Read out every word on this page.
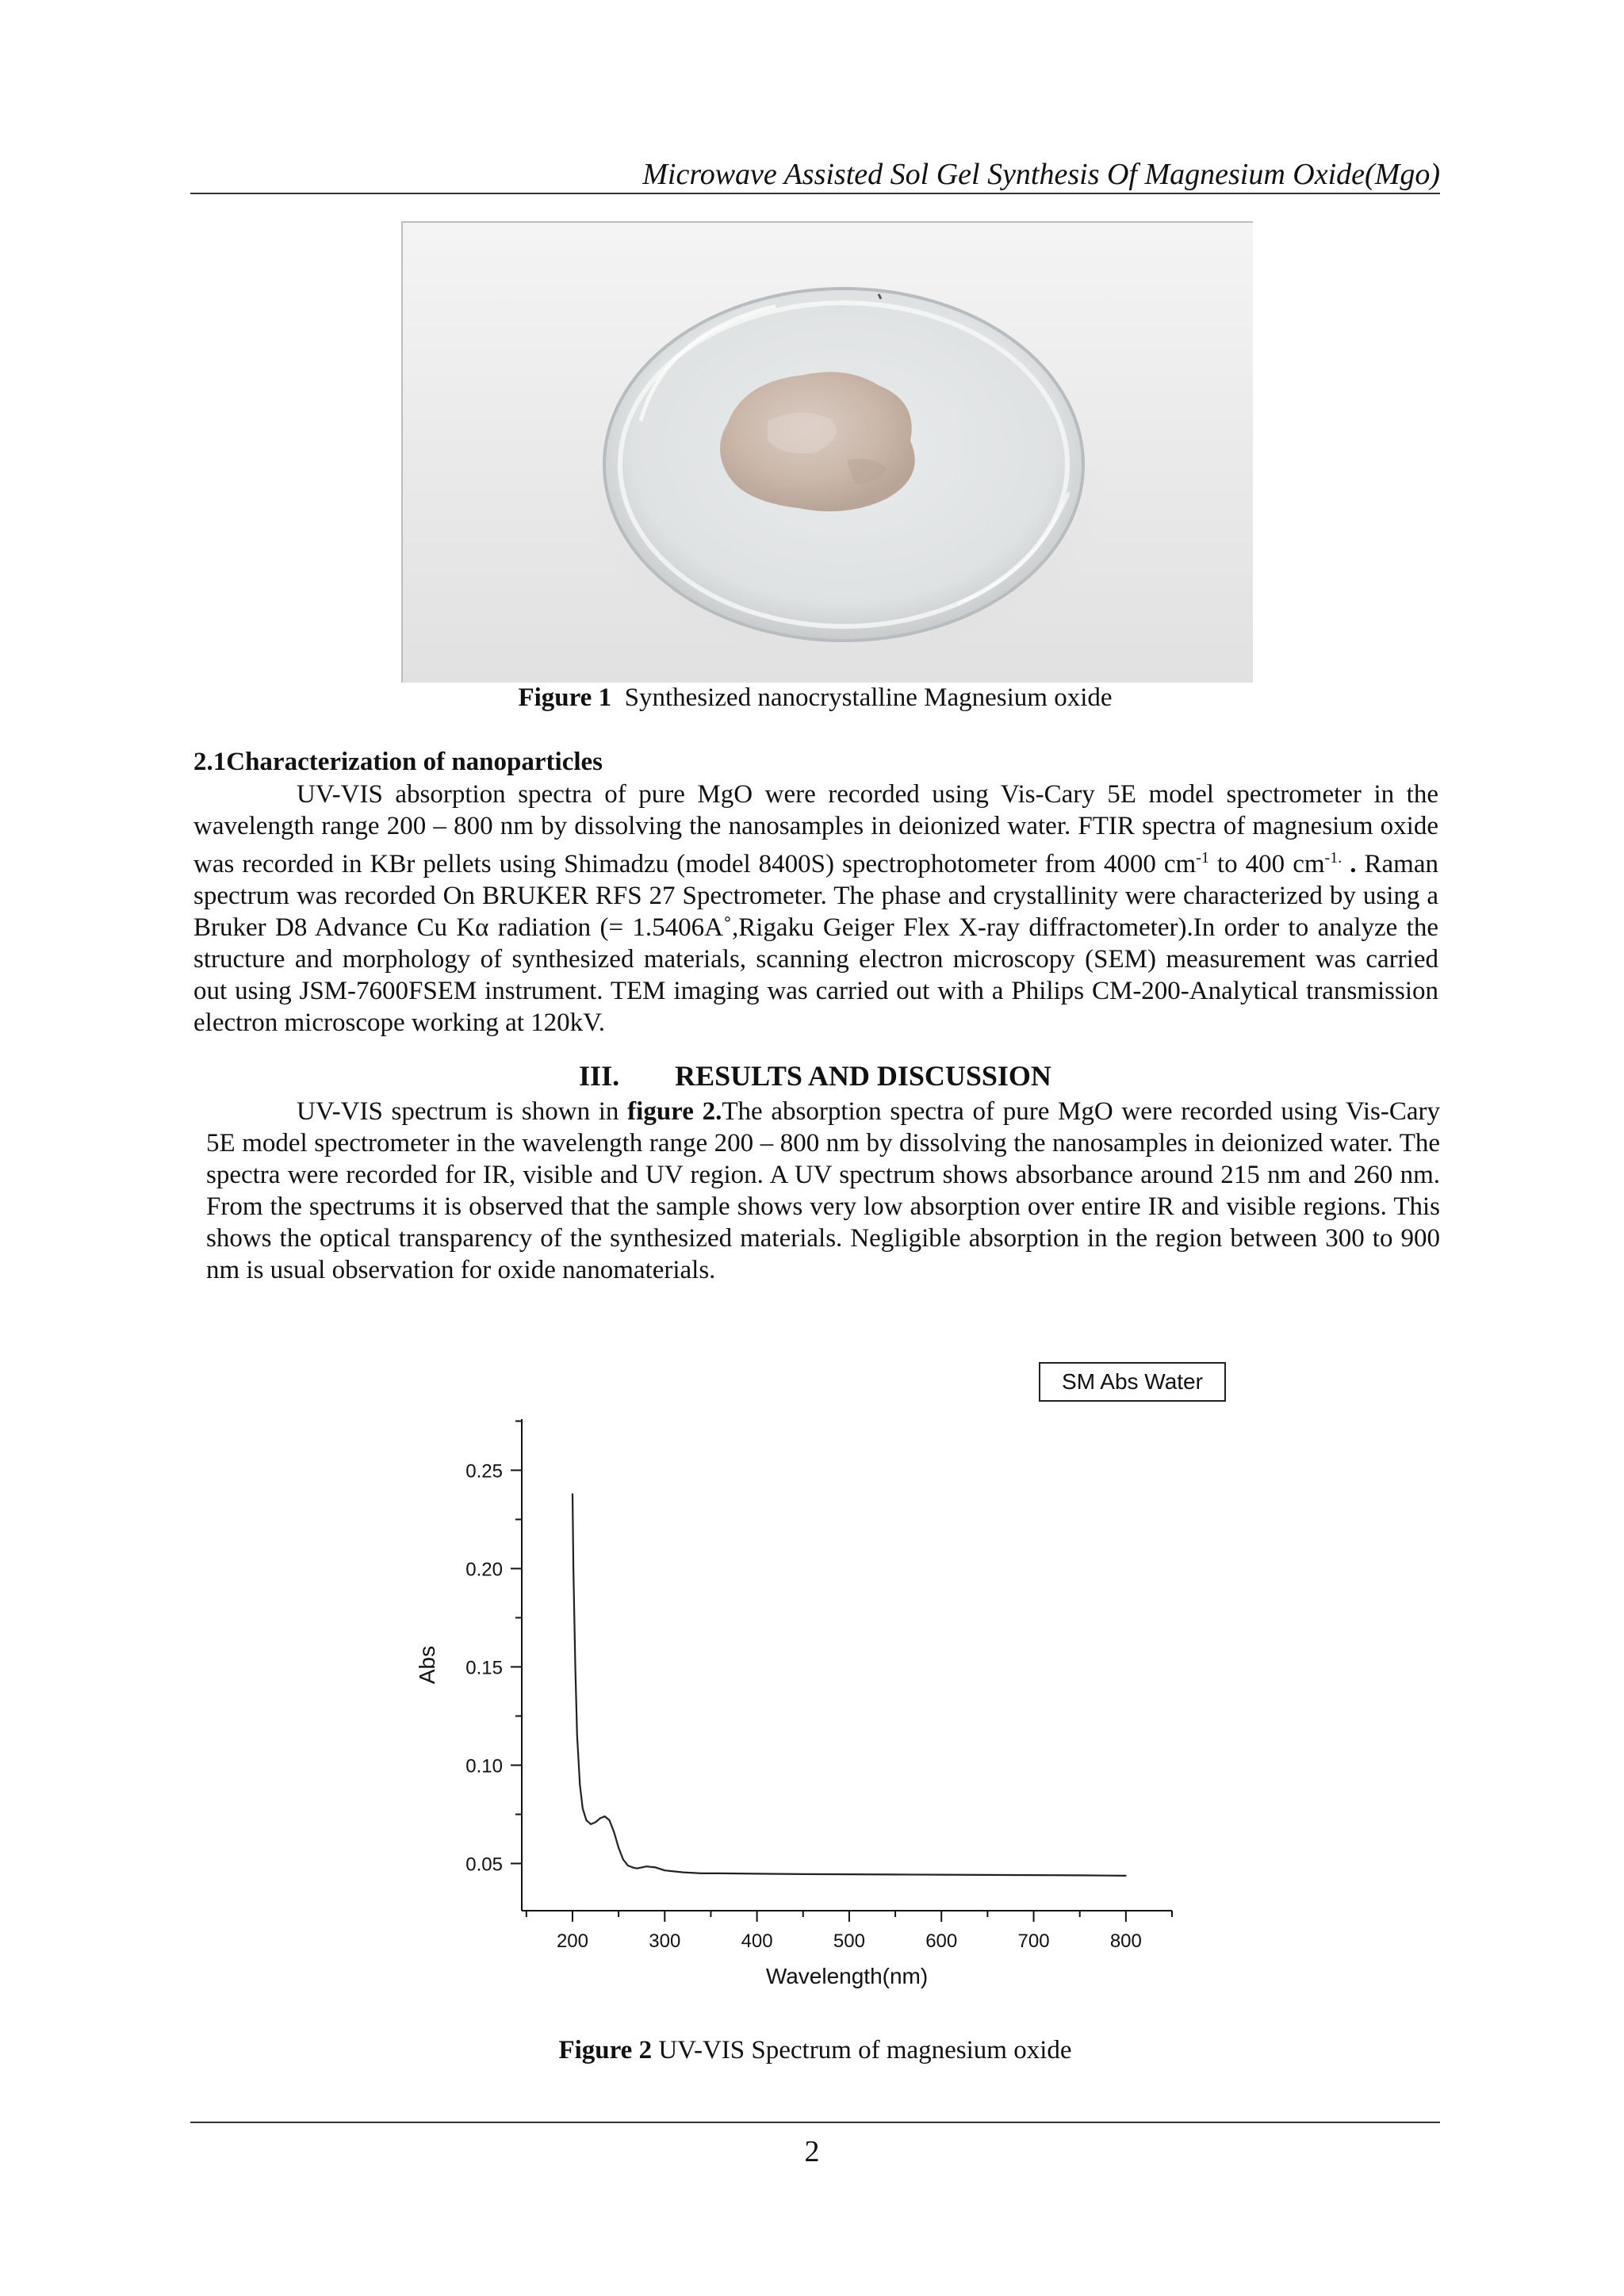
Microwave Assisted Sol Gel Synthesis Of Magnesium Oxide(Mgo)
Figure 1 Synthesized nanocrystalline Magnesium oxide
2.1Characterization of nanoparticles

UV-VIS absorption spectra of pure MgO were recorded using Vis-Cary 5E model spectrometer in the wavelength range 200 – 800 nm by dissolving the nanosamples in deionized water. FTIR spectra of magnesium oxide was recorded in KBr pellets using Shimadzu (model 8400S) spectrophotometer from 4000 $cm^{-1}$ to 400 $cm^{-1.}$ . Raman spectrum was recorded On BRUKER RFS 27 Spectrometer. The phase and crystallinity were characterized by using a Bruker D8 Advance Cu Kα radiation (= 1.5406A˚,Rigaku Geiger Flex X-ray diffractometer).In order to analyze the structure and morphology of synthesized materials, scanning electron microscopy (SEM) measurement was carried out using JSM-7600FSEM instrument. TEM imaging was carried out with a Philips CM-200-Analytical transmission electron microscope working at 120kV.

III. RESULTS AND DISCUSSION

UV-VIS spectrum is shown in figure 2.The absorption spectra of pure MgO were recorded using Vis-Cary 5E model spectrometer in the wavelength range 200 – 800 nm by dissolving the nanosamples in deionized water. The spectra were recorded for IR, visible and UV region. A UV spectrum shows absorbance around 215 nm and 260 nm. From the spectrums it is observed that the sample shows very low absorption over entire IR and visible regions. This shows the optical transparency of the synthesized materials. Negligible absorption in the region between 300 to 900 nm is usual observation for oxide nanomaterials.

SM Abs Water
200	300	400	500	600	700	800
0.05
0.10
0.15
0.20
0.25
Wavelength(nm)
Abs
Figure 2 UV-VIS Spectrum of magnesium oxide
2
